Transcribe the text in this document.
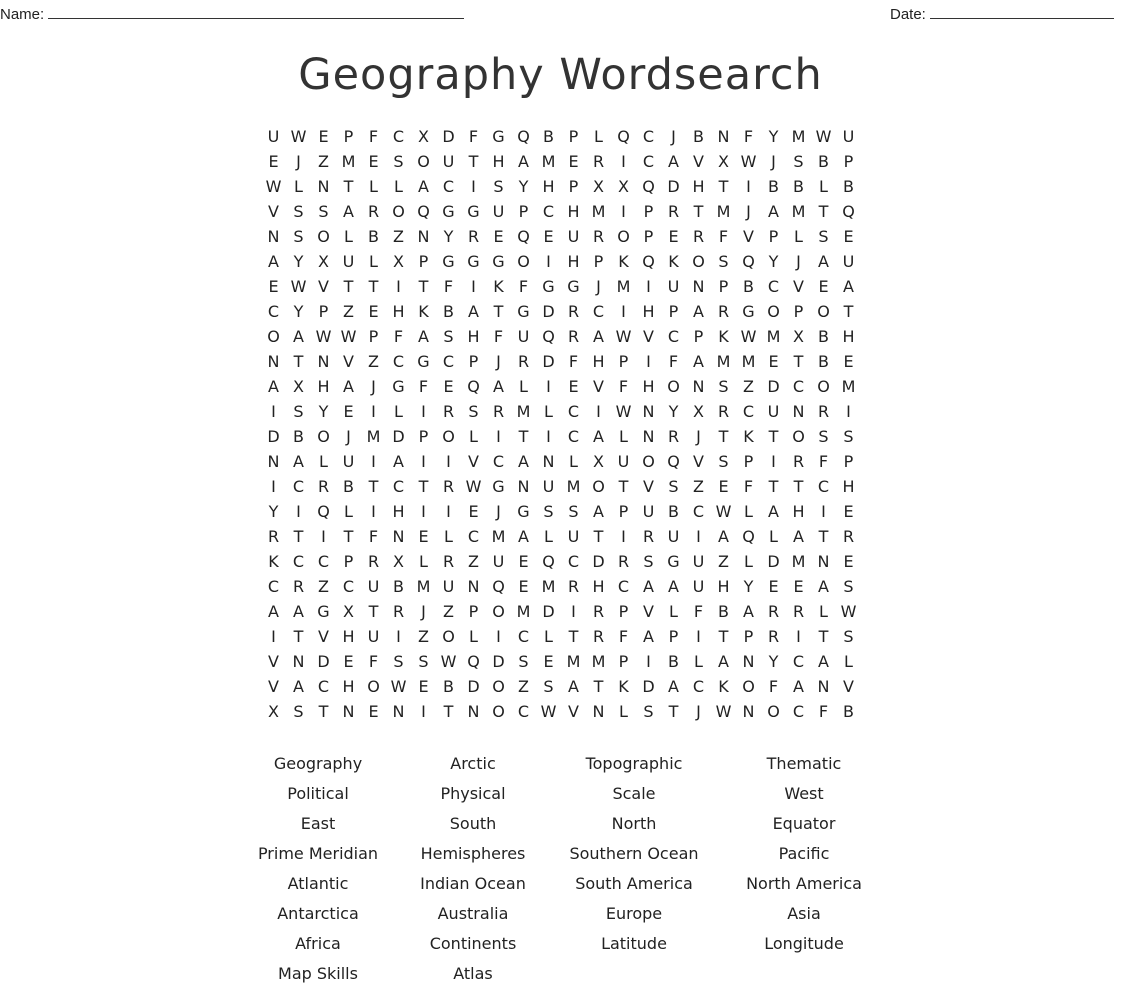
Name:	Date:
Geography Wordsearch
U W E P F C X D F G Q B P L Q C	J	B N F Y M W U
E	J	Z M E S O U T H A M E R	I	C A V X W J	S B P
W L N T L	L A C	I	S Y H P X X Q D H T	I	B B L B
V S S A R O Q G G U P C H M I	P R T M J	A M T Q
N S O L B Z N Y R E Q E U R O P E R F V P L S E
A Y X U L X P G G G O	I	H P K Q K O S Q Y	J	A U
E W V T T	I	T F	I	K F G G	J M I	U N P B C V E A
C Y P Z E H K B A T G D R C	I	H P A R G O P O T
O A W W P F A S H F U Q R A W V C P K W M X B H
N T N V Z C G C P	J	R D F H P	I	F A M M E T B E
A X H A	J	G F E Q A L	I	E V F H O N S Z D C O M
I	S Y E	I	L	I	R S R M L C	I W N Y X R C U N R	I
D B O	J M D P O L	I	T	I	C A L N R	J	T K T O S S
N A L U	I	A	I	I	V C A N L X U O Q V S P	I	R F P
I	C R B T C T R W G N U M O T V S Z E F T T C H
Y	I	Q L	I	H	I	I	E	J	G S S A P U B C W L A H	I	E
R T	I	T F N E L C M A L U T	I	R U	I	A Q L A T R
K C C P R X L R Z U E Q C D R S G U Z L D M N E
C R Z C U B M U N Q E M R H C A A U H Y E E A S
A A G X T R	J	Z P O M D	I	R P V L F B A R R L W
I	T V H U	I	Z O L	I	C L T R F A P	I	T P R	I	T S
V N D E F S S W Q D S E M M P	I	B L A N Y C A L
V A C H O W E B D O Z S A T K D A C K O F A N V
X S T N E N	I	T N O C W V N L S T	J W N O C F B
Geography	Arctic	Topographic	Thematic
Political	Physical	Scale	West
East	South	North	Equator
Prime Meridian	Hemispheres	Southern Ocean	Pacific
Atlantic	Indian Ocean	South America	North America
Antarctica	Australia	Europe	Asia
Africa	Continents	Latitude	Longitude
Map Skills	Atlas
